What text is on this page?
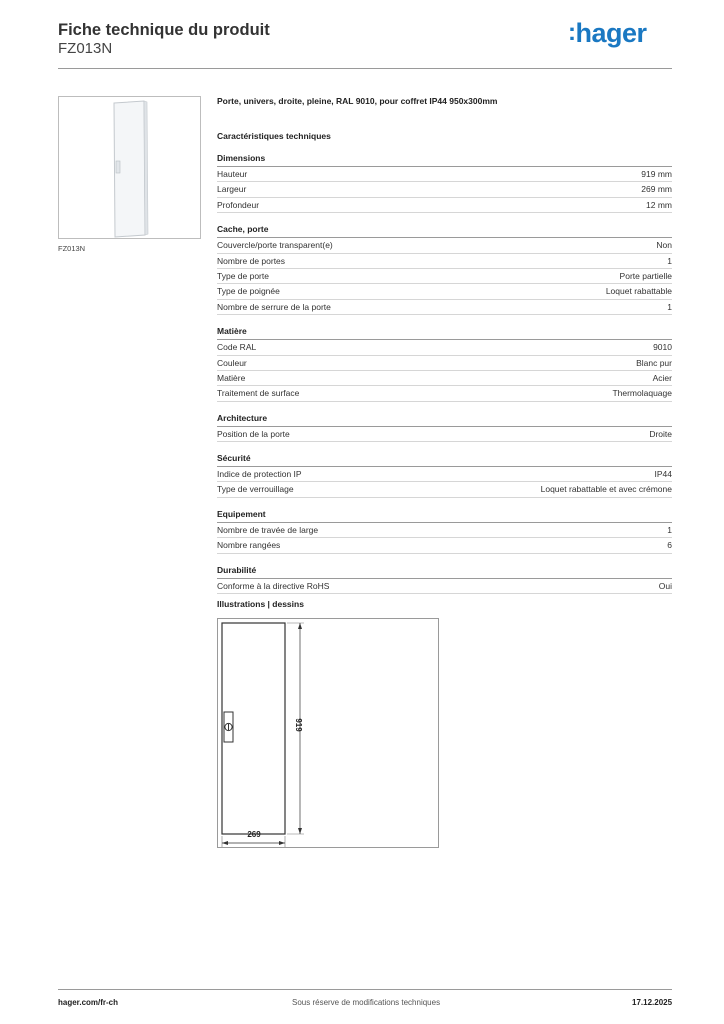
Fiche technique du produit
FZ013N
:hager
FZ013N
Porte, univers, droite, pleine, RAL 9010, pour coffret IP44 950x300mm
Caractéristiques techniques
Dimensions
Hauteur	919 mm
Largeur	269 mm
Profondeur	12 mm
Cache, porte
Couvercle/porte transparent(e)	Non
Nombre de portes	1
Type de porte	Porte partielle
Type de poignée	Loquet rabattable
Nombre de serrure de la porte	1
Matière
Code RAL	9010
Couleur	Blanc pur
Matière	Acier
Traitement de surface	Thermolaquage
Architecture
Position de la porte	Droite
Sécurité
Indice de protection IP	IP44
Type de verrouillage	Loquet rabattable et avec crémone
Equipement
Nombre de travée de large	1
Nombre rangées	6
Durabilité
Conforme à la directive RoHS	Oui
Illustrations | dessins
919
269
hager.com/fr-ch	Sous réserve de modifications techniques	17.12.2025
